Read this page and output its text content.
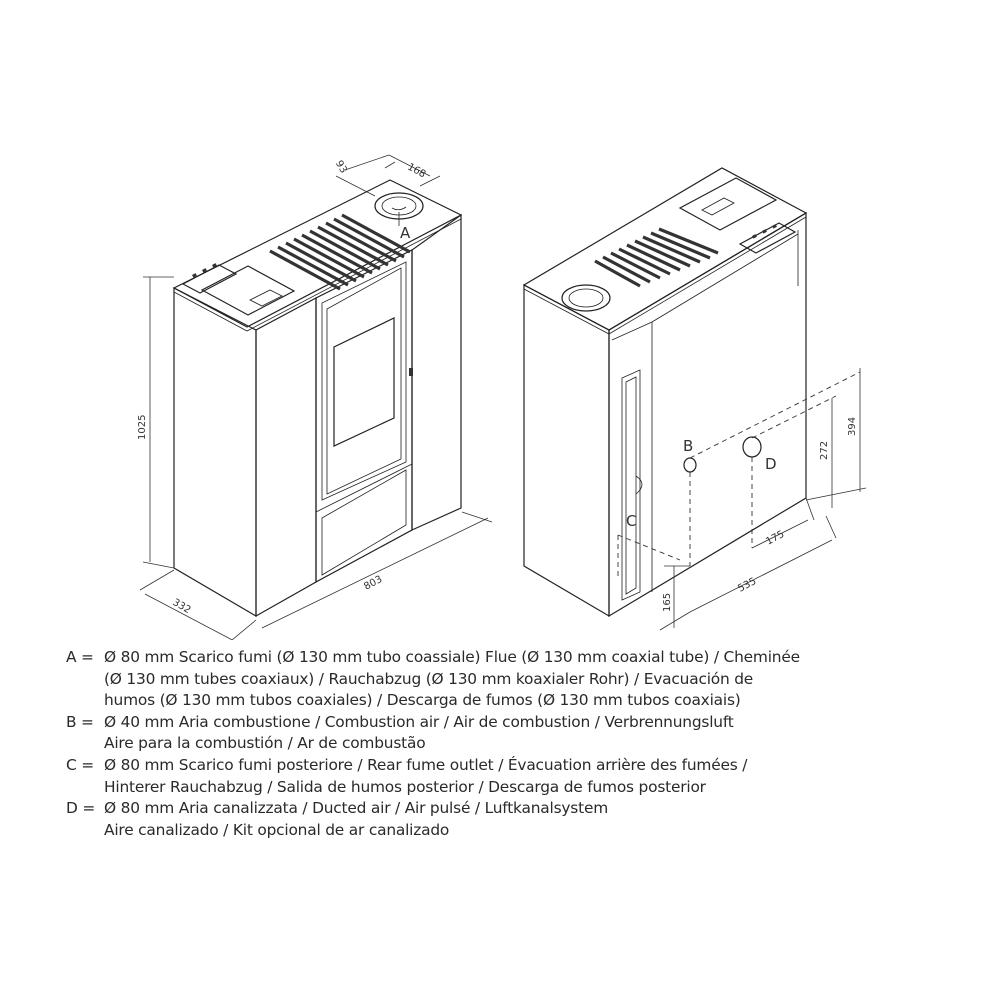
A
93	168
1025
332
803
C
B
D
394
272
175
535
165
A = Ø 80 mm Scarico fumi (Ø 130 mm tubo coassiale) Flue (Ø 130 mm coaxial tube) / Cheminée
(Ø 130 mm tubes coaxiaux) / Rauchabzug (Ø 130 mm koaxialer Rohr) / Evacuación de
humos (Ø 130 mm tubos coaxiales) / Descarga de fumos (Ø 130 mm tubos coaxiais)
B = Ø 40 mm Aria combustione / Combustion air / Air de combustion / Verbrennungsluft
Aire para la combustión / Ar de combustão
C = Ø 80 mm Scarico fumi posteriore / Rear fume outlet / Évacuation arrière des fumées /
Hinterer Rauchabzug / Salida de humos posterior / Descarga de fumos posterior
D = Ø 80 mm Aria canalizzata / Ducted air / Air pulsé / Luftkanalsystem
Aire canalizado / Kit opcional de ar canalizado
